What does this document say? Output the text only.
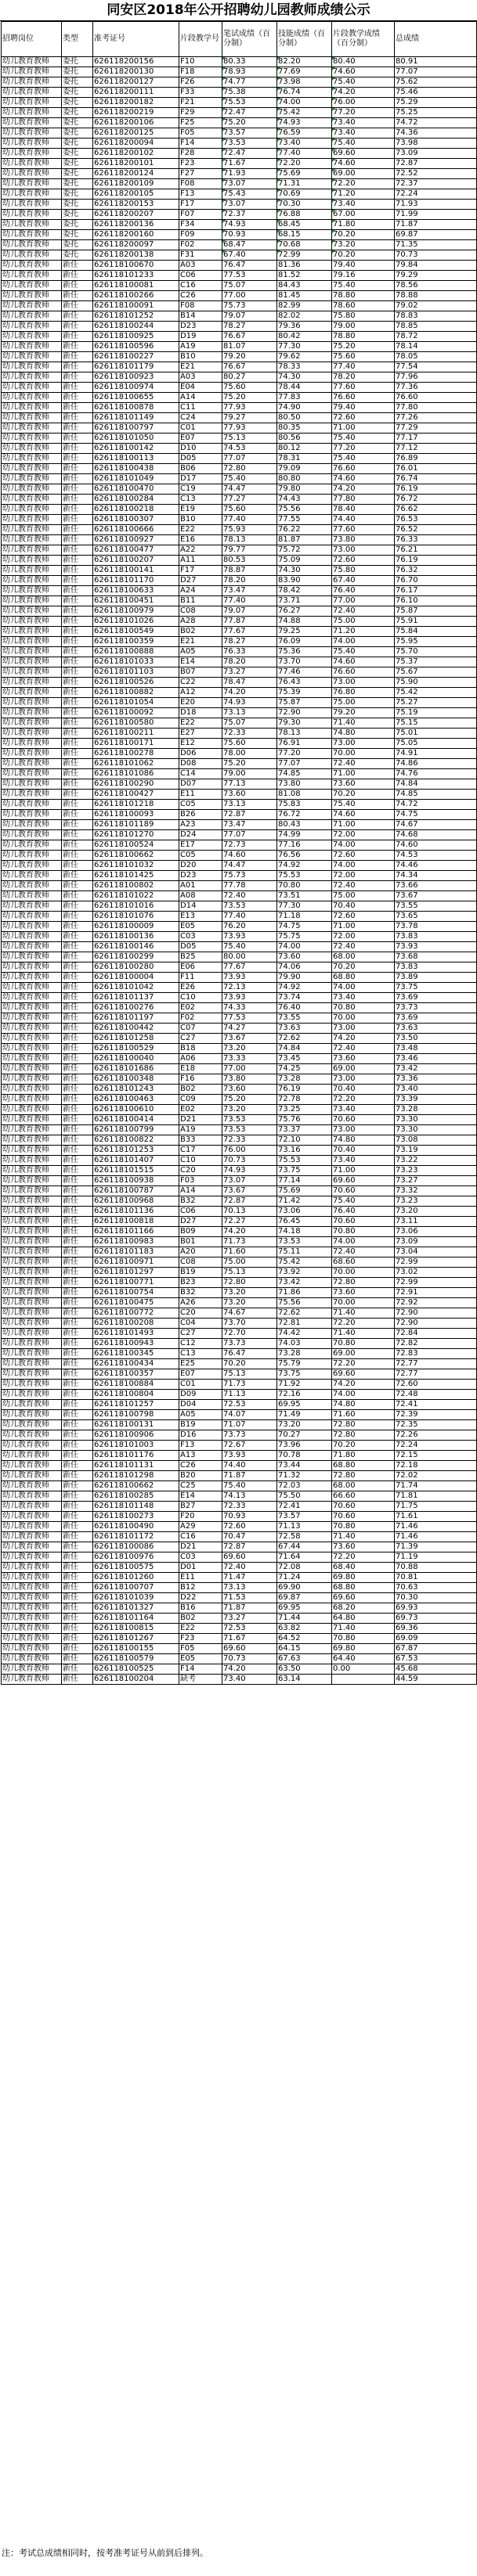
同安区2018年公开招聘幼儿园教师成绩公示
招聘岗位	类型	准考证号	片段教学号	笔试成绩（百分制）	技能成绩（百分制）	片段教学成绩（百分制）	总成绩
幼儿教育教师	委托	626118200156	F10	80.33	82.20	80.40	80.91
幼儿教育教师	委托	626118200130	F18	78.93	77.69	74.60	77.07
幼儿教育教师	委托	626118200127	F26	74.77	73.98	75.40	75.62
幼儿教育教师	委托	626118200111	F33	75.38	76.74	74.20	75.46
幼儿教育教师	委托	626118200182	F21	75.53	74.00	76.00	75.29
幼儿教育教师	委托	626118200219	F29	72.47	75.42	77.20	75.25
幼儿教育教师	委托	626118200106	F25	75.20	74.93	73.40	74.72
幼儿教育教师	委托	626118200125	F05	73.57	76.59	73.40	74.36
幼儿教育教师	委托	626118200094	F14	73.53	73.40	75.40	73.98
幼儿教育教师	委托	626118200102	F28	72.47	77.40	69.60	73.09
幼儿教育教师	委托	626118200101	F23	71.67	72.20	74.60	72.87
幼儿教育教师	委托	626118200124	F27	71.93	75.69	69.00	72.52
幼儿教育教师	委托	626118200109	F08	73.07	71.31	72.20	72.37
幼儿教育教师	委托	626118200105	F13	75.43	70.69	71.20	72.24
幼儿教育教师	委托	626118200153	F17	73.07	70.30	73.40	71.93
幼儿教育教师	委托	626118200207	F07	72.37	76.88	67.00	71.99
幼儿教育教师	委托	626118200136	F34	74.93	68.45	71.80	71.87
幼儿教育教师	委托	626118200160	F09	70.93	68.15	70.20	69.87
幼儿教育教师	委托	626118200097	F02	68.47	70.68	73.20	71.35
幼儿教育教师	委托	626118200138	F31	67.40	72.99	70.20	70.73
幼儿教育教师	新任	626118100670	A03	76.47	81.36	79.40	79.84
幼儿教育教师	新任	626118101233	C06	77.53	81.52	79.16	79.29
幼儿教育教师	新任	626118100081	C16	75.07	84.43	75.40	78.56
幼儿教育教师	新任	626118100266	C26	77.00	81.45	78.80	78.88
幼儿教育教师	新任	626118100091	F08	75.73	82.99	78.60	79.02
幼儿教育教师	新任	626118101252	B14	79.07	82.02	75.80	78.83
幼儿教育教师	新任	626118100244	D23	78.27	79.36	79.00	78.85
幼儿教育教师	新任	626118100925	D19	76.67	80.42	78.80	78.72
幼儿教育教师	新任	626118100596	A19	81.07	77.30	75.20	78.14
幼儿教育教师	新任	626118100227	B10	79.20	79.62	75.60	78.05
幼儿教育教师	新任	626118101179	E21	76.67	78.33	77.40	77.54
幼儿教育教师	新任	626118100923	A03	80.27	74.30	78.20	77.96
幼儿教育教师	新任	626118100974	E04	75.60	78.44	77.60	77.36
幼儿教育教师	新任	626118100655	A14	75.20	77.83	76.60	76.60
幼儿教育教师	新任	626118100878	C11	77.93	74.90	79.40	77.80
幼儿教育教师	新任	626118101149	C24	79.27	80.50	72.60	77.26
幼儿教育教师	新任	626118100797	C01	77.93	80.35	71.00	77.29
幼儿教育教师	新任	626118101050	E07	75.13	80.56	75.40	77.17
幼儿教育教师	新任	626118100142	D10	74.53	80.12	77.20	77.12
幼儿教育教师	新任	626118100113	D05	77.07	78.31	75.40	76.89
幼儿教育教师	新任	626118100438	B06	72.80	79.09	76.60	76.01
幼儿教育教师	新任	626118101049	D17	75.40	80.80	74.60	76.74
幼儿教育教师	新任	626118100470	C19	74.47	79.80	74.20	76.19
幼儿教育教师	新任	626118100284	C13	77.27	74.43	77.80	76.72
幼儿教育教师	新任	626118100218	E19	75.60	75.56	78.40	76.62
幼儿教育教师	新任	626118100307	B10	77.40	77.55	74.40	76.53
幼儿教育教师	新任	626118100666	E22	75.93	76.22	77.60	76.52
幼儿教育教师	新任	626118100927	E16	78.13	81.87	73.80	76.33
幼儿教育教师	新任	626118100477	A22	79.77	75.72	73.00	76.21
幼儿教育教师	新任	626118100207	A11	80.53	75.09	72.60	76.19
幼儿教育教师	新任	626118100141	F17	78.87	74.30	75.80	76.32
幼儿教育教师	新任	626118101170	D27	78.20	83.90	67.40	76.70
幼儿教育教师	新任	626118100633	A24	73.47	78.42	76.40	76.17
幼儿教育教师	新任	626118100451	B11	77.40	73.71	77.00	76.10
幼儿教育教师	新任	626118100979	C08	79.07	76.27	72.40	75.87
幼儿教育教师	新任	626118101026	A28	77.87	74.88	75.00	75.91
幼儿教育教师	新任	626118100549	B02	77.67	79.25	71.20	75.84
幼儿教育教师	新任	626118100359	E21	78.27	76.09	74.00	75.95
幼儿教育教师	新任	626118100888	A05	76.33	75.36	75.40	75.70
幼儿教育教师	新任	626118101033	E14	78.20	73.70	74.60	75.37
幼儿教育教师	新任	626118101103	B07	73.27	77.46	76.60	75.67
幼儿教育教师	新任	626118100526	C22	78.47	76.43	73.00	75.90
幼儿教育教师	新任	626118100882	A12	74.20	75.39	76.80	75.42
幼儿教育教师	新任	626118101054	E20	74.93	75.87	75.00	75.27
幼儿教育教师	新任	626118100092	D18	73.13	72.90	79.20	75.19
幼儿教育教师	新任	626118100580	E22	75.07	79.30	71.40	75.15
幼儿教育教师	新任	626118100211	E27	72.33	78.13	74.80	75.01
幼儿教育教师	新任	626118100171	E12	75.60	76.91	73.00	75.05
幼儿教育教师	新任	626118100278	D06	78.00	77.20	70.00	74.91
幼儿教育教师	新任	626118101062	D08	75.20	77.07	72.40	74.86
幼儿教育教师	新任	626118101086	C14	79.00	74.85	71.00	74.76
幼儿教育教师	新任	626118100290	D07	77.13	73.80	73.60	74.84
幼儿教育教师	新任	626118100427	E11	73.60	81.08	70.20	74.85
幼儿教育教师	新任	626118101218	C05	73.13	75.83	75.40	74.72
幼儿教育教师	新任	626118100093	B26	72.87	76.72	74.60	74.75
幼儿教育教师	新任	626118101189	A23	73.47	80.43	71.00	74.67
幼儿教育教师	新任	626118101270	D24	77.07	74.99	72.00	74.68
幼儿教育教师	新任	626118100524	E17	72.73	77.16	74.00	74.60
幼儿教育教师	新任	626118100662	C05	74.60	76.56	72.60	74.53
幼儿教育教师	新任	626118101032	D20	74.47	74.92	74.00	74.46
幼儿教育教师	新任	626118101425	D23	75.73	75.53	72.00	74.34
幼儿教育教师	新任	626118100802	A01	77.78	70.80	72.40	73.66
幼儿教育教师	新任	626118101022	A08	72.40	73.51	75.00	73.67
幼儿教育教师	新任	626118101016	D14	73.53	77.30	70.40	73.55
幼儿教育教师	新任	626118101076	E13	77.40	71.18	72.60	73.65
幼儿教育教师	新任	626118100009	E05	76.20	74.75	71.00	73.78
幼儿教育教师	新任	626118100136	C03	73.93	75.75	72.00	73.83
幼儿教育教师	新任	626118100146	D05	75.40	74.00	72.40	73.93
幼儿教育教师	新任	626118100299	B25	80.00	73.60	68.00	73.68
幼儿教育教师	新任	626118100280	E06	77.67	74.06	70.20	73.83
幼儿教育教师	新任	626118100004	F11	73.93	79.90	68.80	73.89
幼儿教育教师	新任	626118101042	E26	72.13	74.92	74.00	73.75
幼儿教育教师	新任	626118101137	C10	73.93	73.74	73.40	73.69
幼儿教育教师	新任	626118100276	E02	74.33	76.40	70.80	73.73
幼儿教育教师	新任	626118101197	F02	77.53	73.55	70.00	73.69
幼儿教育教师	新任	626118100442	C07	74.27	73.63	73.00	73.63
幼儿教育教师	新任	626118101258	C27	73.67	72.62	74.20	73.50
幼儿教育教师	新任	626118100529	B18	73.20	74.84	72.40	73.48
幼儿教育教师	新任	626118100040	A06	73.33	73.45	73.60	73.46
幼儿教育教师	新任	626118101686	E18	77.00	74.25	69.00	73.42
幼儿教育教师	新任	626118100348	F16	73.80	73.28	73.00	73.36
幼儿教育教师	新任	626118101243	B02	73.60	76.19	70.40	73.40
幼儿教育教师	新任	626118100463	C09	75.20	72.78	72.20	73.39
幼儿教育教师	新任	626118100610	E02	73.20	73.25	73.40	73.28
幼儿教育教师	新任	626118100414	D21	73.53	75.76	70.60	73.30
幼儿教育教师	新任	626118100799	A19	73.53	73.37	73.00	73.30
幼儿教育教师	新任	626118100822	B33	72.33	72.10	74.80	73.08
幼儿教育教师	新任	626118101253	C17	76.00	73.16	70.40	73.19
幼儿教育教师	新任	626118101407	C10	70.73	75.53	73.40	73.22
幼儿教育教师	新任	626118101515	C20	74.93	73.75	71.00	73.23
幼儿教育教师	新任	626118100938	F03	73.07	77.14	69.60	73.27
幼儿教育教师	新任	626118100787	A14	73.67	75.69	70.60	73.32
幼儿教育教师	新任	626118100968	B32	72.87	71.42	75.40	73.23
幼儿教育教师	新任	626118101136	C06	70.13	73.06	76.40	73.20
幼儿教育教师	新任	626118100818	D27	72.27	76.45	70.60	73.11
幼儿教育教师	新任	626118101166	B09	74.20	74.18	70.80	73.06
幼儿教育教师	新任	626118100983	B01	71.73	73.53	74.00	73.09
幼儿教育教师	新任	626118101183	A20	71.60	75.11	72.40	73.04
幼儿教育教师	新任	626118100971	C08	75.00	75.42	68.60	72.99
幼儿教育教师	新任	626118101297	B19	75.13	73.92	70.00	73.02
幼儿教育教师	新任	626118100771	B23	72.80	73.42	72.80	72.99
幼儿教育教师	新任	626118100754	B32	73.20	71.86	73.60	72.91
幼儿教育教师	新任	626118100475	A26	73.20	75.56	70.00	72.92
幼儿教育教师	新任	626118100772	C20	74.67	72.62	71.40	72.90
幼儿教育教师	新任	626118100208	C04	73.70	72.81	72.20	72.90
幼儿教育教师	新任	626118101493	C27	72.70	74.42	71.40	72.84
幼儿教育教师	新任	626118100943	C12	73.73	74.03	70.80	72.82
幼儿教育教师	新任	626118100345	C13	76.47	73.28	69.00	72.83
幼儿教育教师	新任	626118100434	E25	70.20	75.79	72.20	72.77
幼儿教育教师	新任	626118100357	E07	75.13	73.75	69.60	72.77
幼儿教育教师	新任	626118100884	C01	71.73	71.92	74.20	72.60
幼儿教育教师	新任	626118100804	D09	71.13	72.16	74.00	72.48
幼儿教育教师	新任	626118101257	D04	72.53	69.95	74.80	72.41
幼儿教育教师	新任	626118100798	A05	74.07	71.49	71.60	72.39
幼儿教育教师	新任	626118100131	B19	71.07	73.20	72.80	72.35
幼儿教育教师	新任	626118100906	D16	73.73	70.27	72.80	72.26
幼儿教育教师	新任	626118101003	F13	72.67	73.96	70.20	72.24
幼儿教育教师	新任	626118101176	A13	73.93	70.78	71.80	72.15
幼儿教育教师	新任	626118101131	C26	74.40	73.44	68.80	72.18
幼儿教育教师	新任	626118101298	B20	71.87	71.32	72.80	72.02
幼儿教育教师	新任	626118100662	C25	75.40	72.03	68.00	71.74
幼儿教育教师	新任	626118100285	E14	74.13	75.50	66.60	71.81
幼儿教育教师	新任	626118101148	B27	72.33	72.41	70.60	71.75
幼儿教育教师	新任	626118100273	F20	70.93	73.57	70.60	71.61
幼儿教育教师	新任	626118100490	A29	72.60	71.13	70.80	71.46
幼儿教育教师	新任	626118101172	C16	70.47	72.58	71.40	71.46
幼儿教育教师	新任	626118100086	D21	72.87	67.44	73.60	71.39
幼儿教育教师	新任	626118100976	C03	69.60	71.64	72.20	71.19
幼儿教育教师	新任	626118100575	D01	72.40	72.08	68.40	70.88
幼儿教育教师	新任	626118101260	E11	71.47	71.24	69.80	70.81
幼儿教育教师	新任	626118100707	B12	73.13	69.90	68.80	70.63
幼儿教育教师	新任	626118101039	D22	71.53	69.87	69.60	70.30
幼儿教育教师	新任	626118101327	B16	71.87	69.95	68.20	69.93
幼儿教育教师	新任	626118101164	B02	73.27	71.44	64.80	69.73
幼儿教育教师	新任	626118100815	E22	72.53	63.82	71.40	69.36
幼儿教育教师	新任	626118101267	F23	71.67	64.52	70.80	69.09
幼儿教育教师	新任	626118100155	F05	69.60	64.15	69.80	67.87
幼儿教育教师	新任	626118100579	E05	70.73	67.63	64.40	67.53
幼儿教育教师	新任	626118100525	F14	74.20	63.50	0.00	45.68
幼儿教育教师	新任	626118100204	缺考	73.40	63.14		44.59
注：考试总成绩相同时，按考准考证号从前到后排列。
